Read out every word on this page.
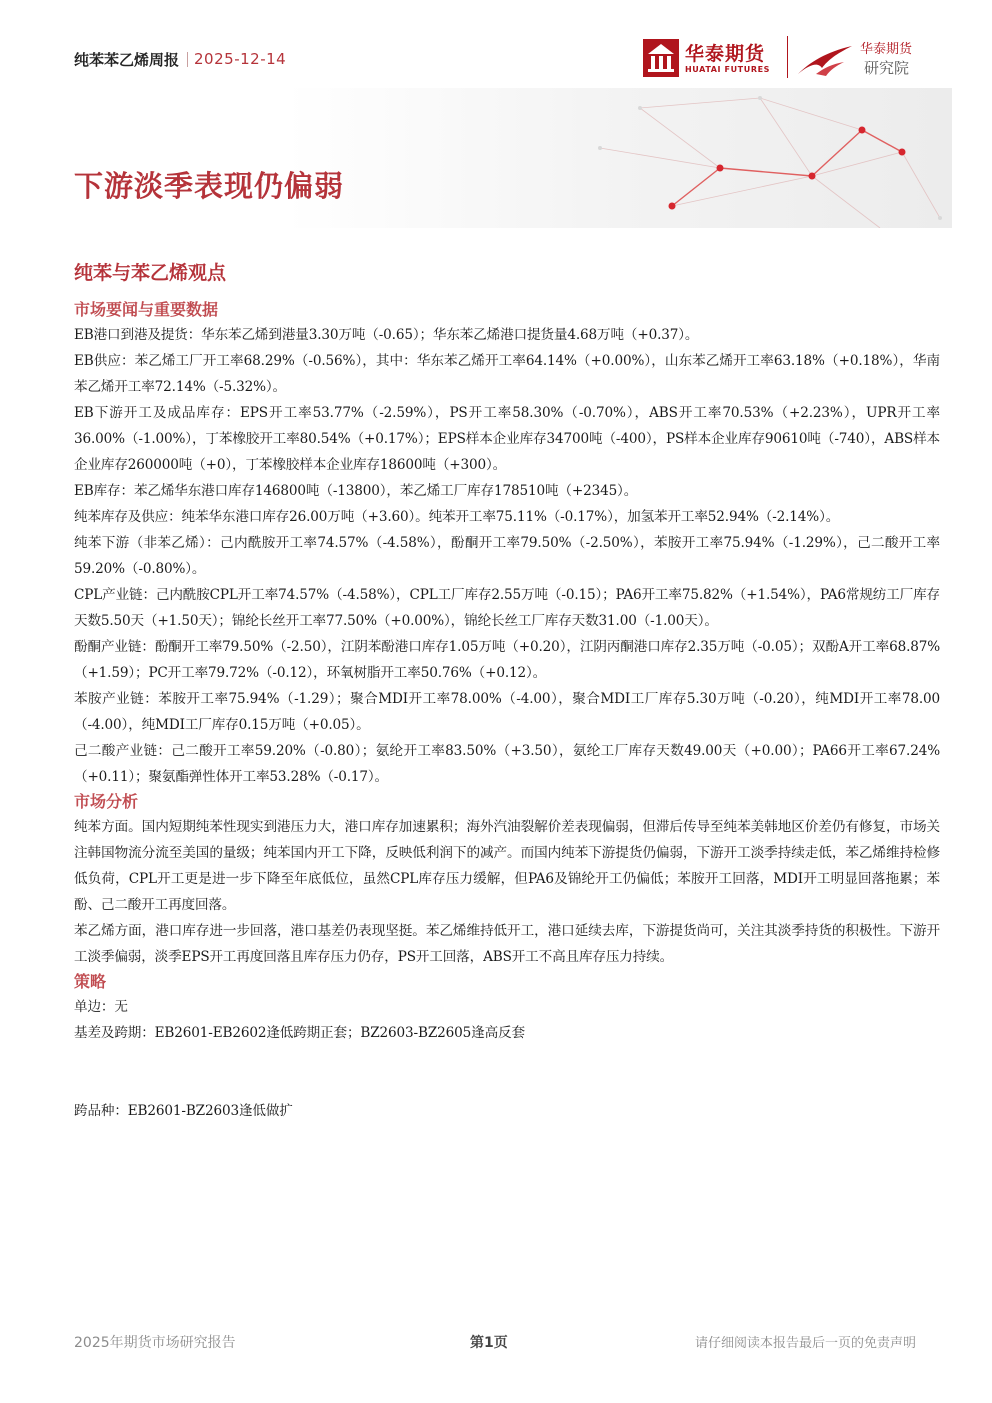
纯苯苯乙烯周报 2025-12-14	华泰期货
HUATAI FUTURES
华泰期货
研究院
下游淡季表现仍偏弱
纯苯与苯乙烯观点
市场要闻与重要数据
EB港口到港及提货：华东苯乙烯到港量3.30万吨（-0.65）；华东苯乙烯港口提货量4.68万吨（+0.37）。
EB供应：苯乙烯工厂开工率68.29%（-0.56%），其中：华东苯乙烯开工率64.14%（+0.00%），山东苯乙烯开工率63.18%（+0.18%），华南苯乙烯开工率72.14%（-5.32%）。
EB下游开工及成品库存：EPS开工率53.77%（-2.59%），PS开工率58.30%（-0.70%），ABS开工率70.53%（+2.23%），UPR开工率36.00%（-1.00%），丁苯橡胶开工率80.54%（+0.17%）；EPS样本企业库存34700吨（-400），PS样本企业库存90610吨（-740），ABS样本企业库存260000吨（+0），丁苯橡胶样本企业库存18600吨（+300）。
EB库存：苯乙烯华东港口库存146800吨（-13800），苯乙烯工厂库存178510吨（+2345）。
纯苯库存及供应：纯苯华东港口库存26.00万吨（+3.60）。纯苯开工率75.11%（-0.17%），加氢苯开工率52.94%（-2.14%）。
纯苯下游（非苯乙烯）：己内酰胺开工率74.57%（-4.58%），酚酮开工率79.50%（-2.50%），苯胺开工率75.94%（-1.29%），己二酸开工率59.20%（-0.80%）。
CPL产业链：己内酰胺CPL开工率74.57%（-4.58%），CPL工厂库存2.55万吨（-0.15）；PA6开工率75.82%（+1.54%），PA6常规纺工厂库存天数5.50天（+1.50天）；锦纶长丝开工率77.50%（+0.00%），锦纶长丝工厂库存天数31.00（-1.00天）。
酚酮产业链：酚酮开工率79.50%（-2.50），江阴苯酚港口库存1.05万吨（+0.20），江阴丙酮港口库存2.35万吨（-0.05）；双酚A开工率68.87%（+1.59）；PC开工率79.72%（-0.12），环氧树脂开工率50.76%（+0.12）。
苯胺产业链：苯胺开工率75.94%（-1.29）；聚合MDI开工率78.00%（-4.00），聚合MDI工厂库存5.30万吨（-0.20），纯MDI开工率78.00（-4.00），纯MDI工厂库存0.15万吨（+0.05）。
己二酸产业链：己二酸开工率59.20%（-0.80）；氨纶开工率83.50%（+3.50），氨纶工厂库存天数49.00天（+0.00）；PA66开工率67.24%（+0.11）；聚氨酯弹性体开工率53.28%（-0.17）。
市场分析
纯苯方面。国内短期纯苯性现实到港压力大，港口库存加速累积；海外汽油裂解价差表现偏弱，但滞后传导至纯苯美韩地区价差仍有修复，市场关注韩国物流分流至美国的量级；纯苯国内开工下降，反映低利润下的减产。而国内纯苯下游提货仍偏弱，下游开工淡季持续走低，苯乙烯维持检修低负荷，CPL开工更是进一步下降至年底低位，虽然CPL库存压力缓解，但PA6及锦纶开工仍偏低；苯胺开工回落，MDI开工明显回落拖累；苯酚、己二酸开工再度回落。
苯乙烯方面，港口库存进一步回落，港口基差仍表现坚挺。苯乙烯维持低开工，港口延续去库，下游提货尚可，关注其淡季持货的积极性。下游开工淡季偏弱，淡季EPS开工再度回落且库存压力仍存，PS开工回落，ABS开工不高且库存压力持续。
策略
单边：无
基差及跨期：EB2601-EB2602逢低跨期正套；BZ2603-BZ2605逢高反套
跨品种：EB2601-BZ2603逢低做扩
2025年期货市场研究报告	第1页	请仔细阅读本报告最后一页的免责声明
